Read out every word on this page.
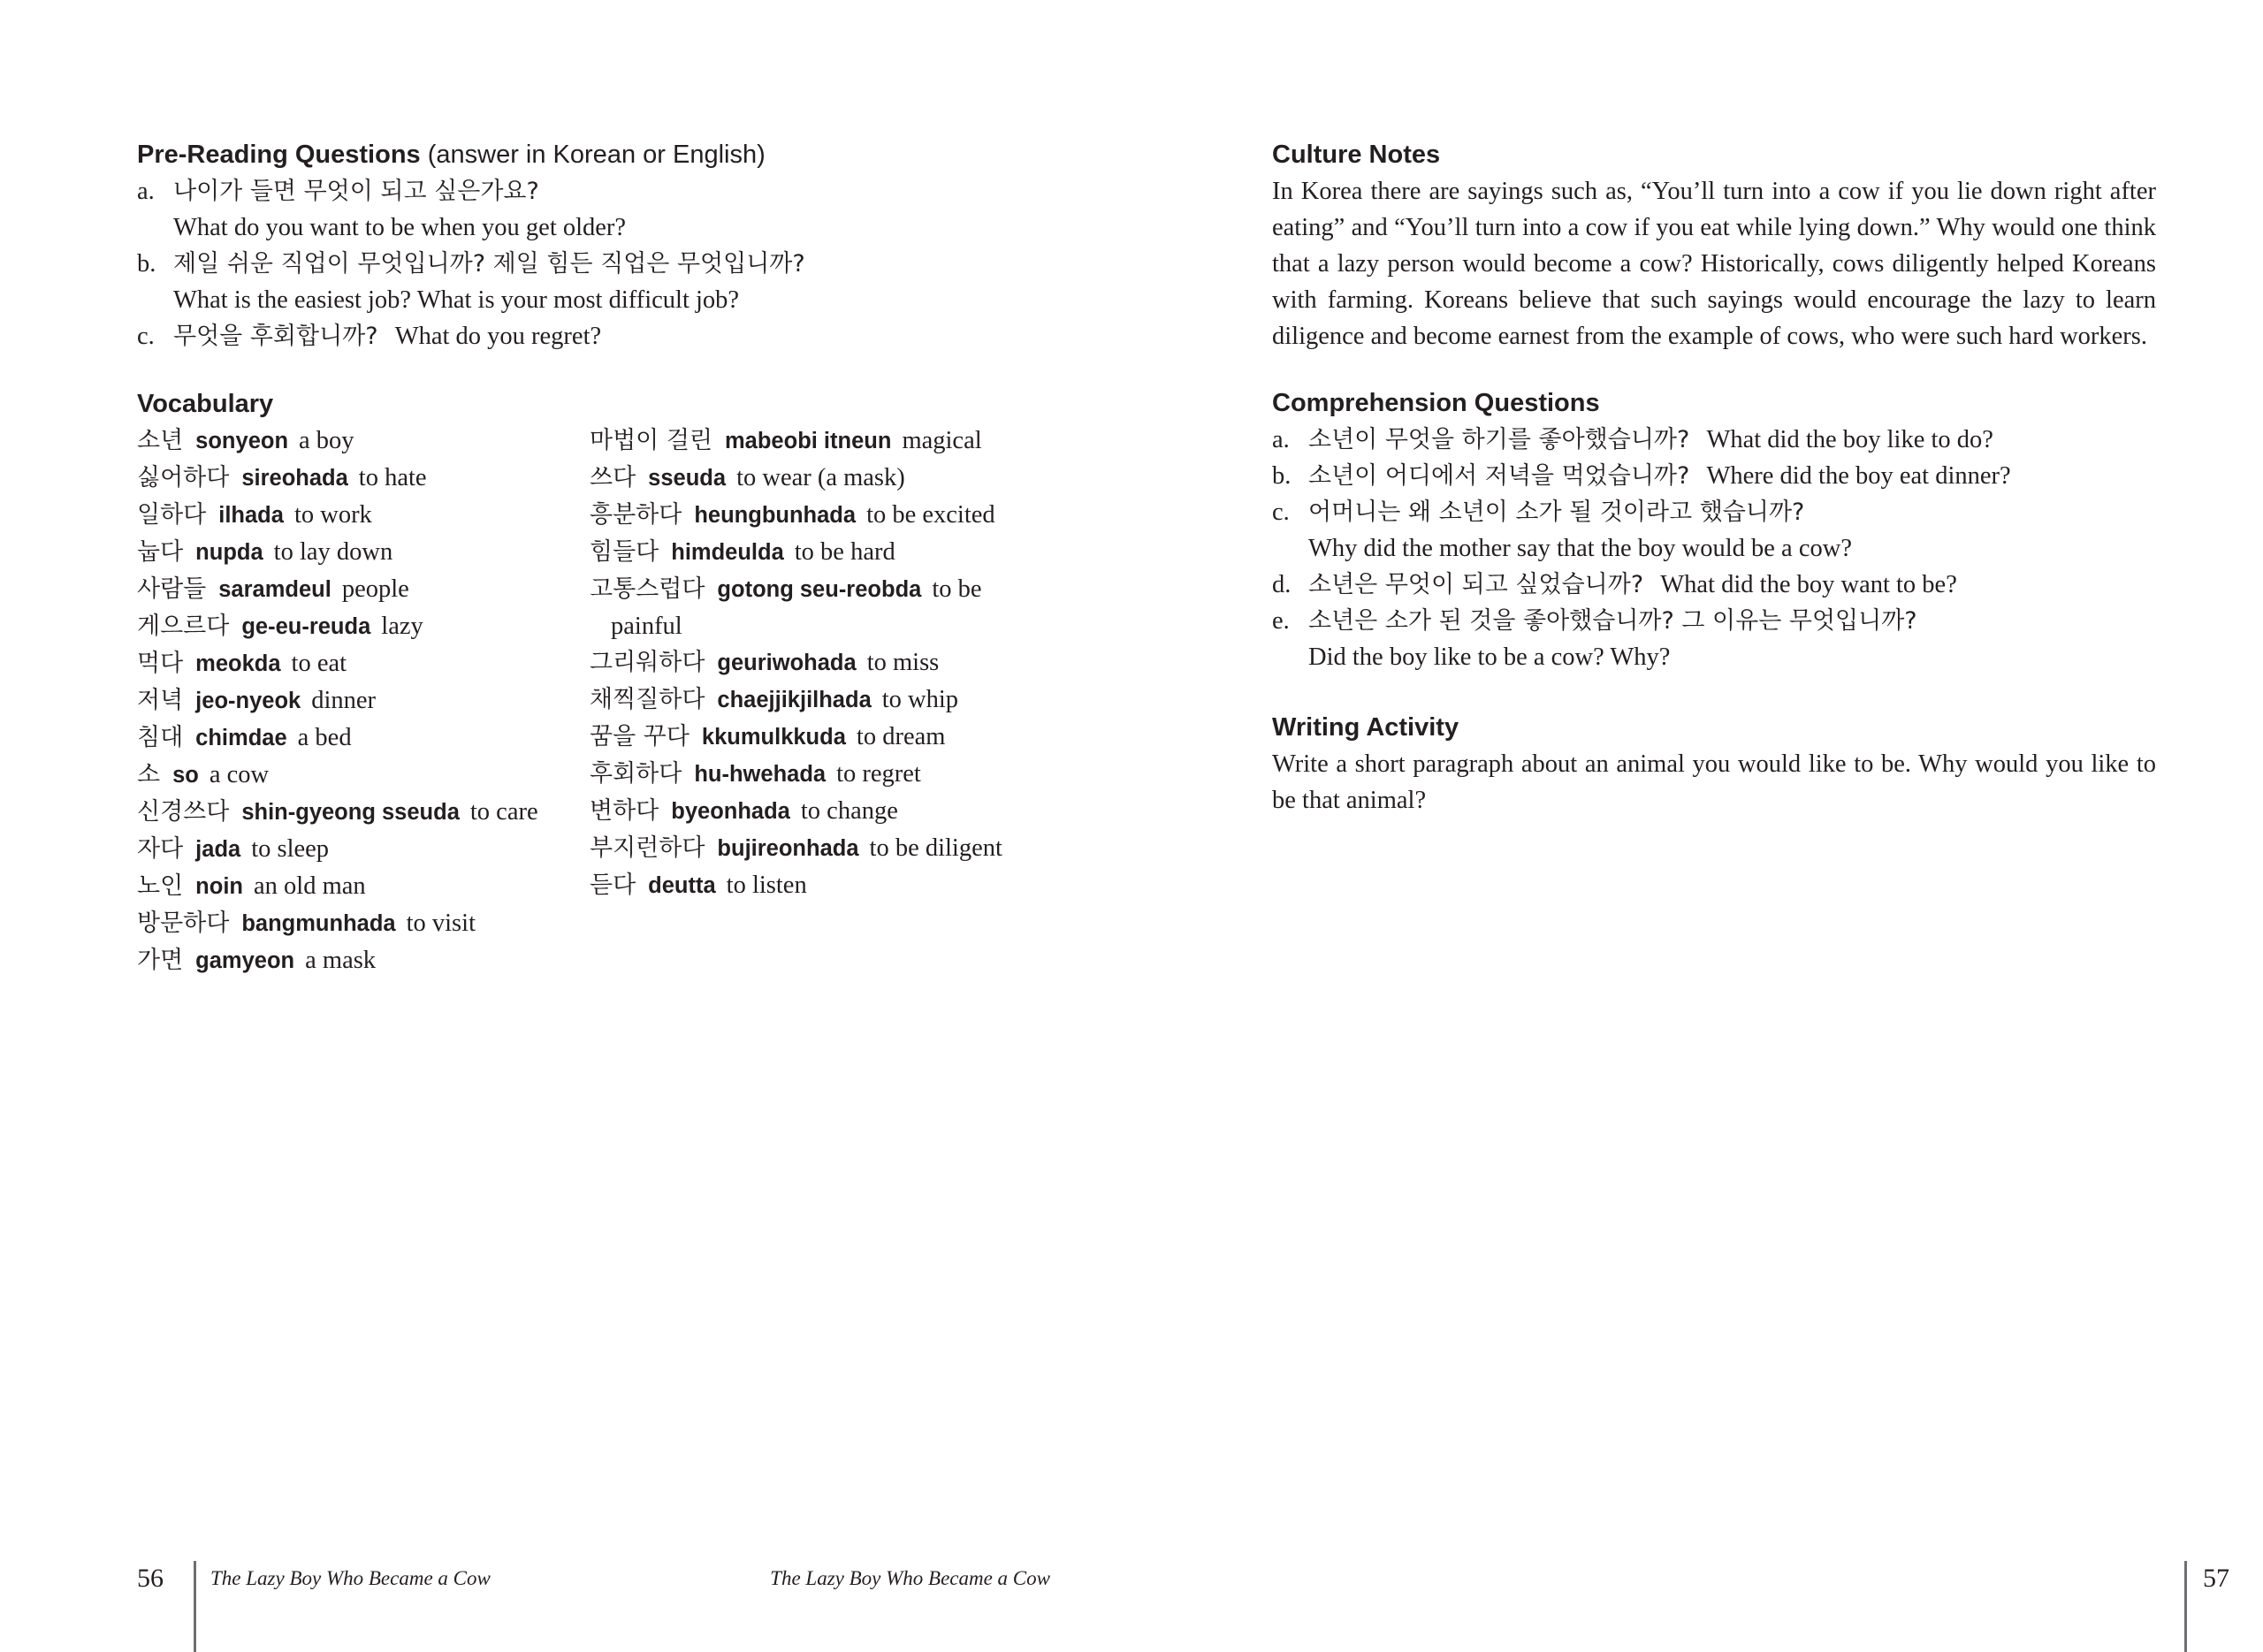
Pre-Reading Questions (answer in Korean or English)
a. 나이가 들면 무엇이 되고 싶은가요?
What do you want to be when you get older?
b. 제일 쉬운 직업이 무엇입니까? 제일 힘든 직업은 무엇입니까?
What is the easiest job? What is your most difficult job?
c. 무엇을 후회합니까? What do you regret?
Vocabulary
소년 sonyeon a boy
싫어하다 sireohada to hate
일하다 ilhada to work
눕다 nupda to lay down
사람들 saramdeul people
게으르다 ge-eu-reuda lazy
먹다 meokda to eat
저녁 jeo-nyeok dinner
침대 chimdae a bed
소 so a cow
신경쓰다 shin-gyeong sseuda to care
자다 jada to sleep
노인 noin an old man
방문하다 bangmunhada to visit
가면 gamyeon a mask
마법이 걸린 mabeobi itneun magical
쓰다 sseuda to wear (a mask)
흥분하다 heungbunhada to be excited
힘들다 himdeulda to be hard
고통스럽다 gotong seu-reobda to be painful
그리워하다 geuriwohada to miss
채찍질하다 chaejjikjilhada to whip
꿈을 꾸다 kkumulkkuda to dream
후회하다 hu-hwehada to regret
변하다 byeonhada to change
부지런하다 bujireonhada to be diligent
듣다 deutta to listen
56 The Lazy Boy Who Became a Cow
Culture Notes

In Korea there are sayings such as, “You’ll turn into a cow if you lie down right after eating” and “You’ll turn into a cow if you eat while lying down.” Why would one think that a lazy person would become a cow? Historically, cows diligently helped Koreans with farming. Koreans believe that such sayings would encourage the lazy to learn diligence and become earnest from the example of cows, who were such hard workers.

Comprehension Questions
a. 소년이 무엇을 하기를 좋아했습니까? What did the boy like to do?
b. 소년이 어디에서 저녁을 먹었습니까? Where did the boy eat dinner?
c. 어머니는 왜 소년이 소가 될 것이라고 했습니까?
Why did the mother say that the boy would be a cow?
d. 소년은 무엇이 되고 싶었습니까? What did the boy want to be?
e. 소년은 소가 된 것을 좋아했습니까? 그 이유는 무엇입니까?
Did the boy like to be a cow? Why?
Writing Activity

Write a short paragraph about an animal you would like to be. Why would you like to be that animal?

The Lazy Boy Who Became a Cow	57
